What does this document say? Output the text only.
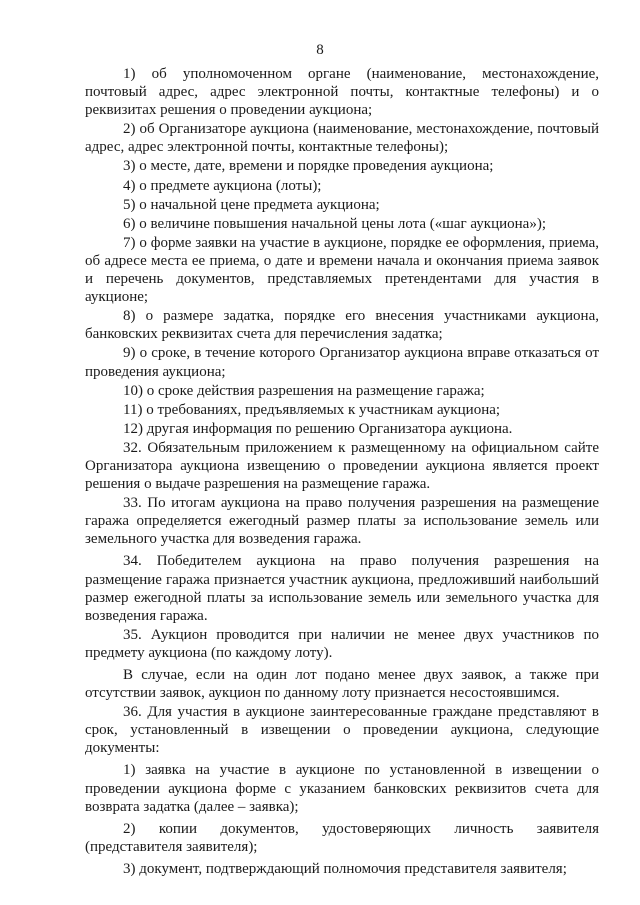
8

1) об уполномоченном органе (наименование, местонахождение, почтовый адрес, адрес электронной почты, контактные телефоны) и о реквизитах решения о проведении аукциона;

2) об Организаторе аукциона (наименование, местонахождение, почтовый адрес, адрес электронной почты, контактные телефоны);

3) о месте, дате, времени и порядке проведения аукциона;

4) о предмете аукциона (лоты);

5) о начальной цене предмета аукциона;

6) о величине повышения начальной цены лота («шаг аукциона»);

7) о форме заявки на участие в аукционе, порядке ее оформления, приема, об адресе места ее приема, о дате и времени начала и окончания приема заявок и перечень документов, представляемых претендентами для участия в аукционе;

8) о размере задатка, порядке его внесения участниками аукциона, банковских реквизитах счета для перечисления задатка;

9) о сроке, в течение которого Организатор аукциона вправе отказаться от проведения аукциона;

10) о сроке действия разрешения на размещение гаража;

11) о требованиях, предъявляемых к участникам аукциона;

12) другая информация по решению Организатора аукциона.

32. Обязательным приложением к размещенному на официальном сайте Организатора аукциона извещению о проведении аукциона является проект решения о выдаче разрешения на размещение гаража.

33. По итогам аукциона на право получения разрешения на размещение гаража определяется ежегодный размер платы за использование земель или земельного участка для возведения гаража.

34. Победителем аукциона на право получения разрешения на размещение гаража признается участник аукциона, предложивший наибольший размер ежегодной платы за использование земель или земельного участка для возведения гаража.

35. Аукцион проводится при наличии не менее двух участников по предмету аукциона (по каждому лоту).

В случае, если на один лот подано менее двух заявок, а также при отсутствии заявок, аукцион по данному лоту признается несостоявшимся.

36. Для участия в аукционе заинтересованные граждане представляют в срок, установленный в извещении о проведении аукциона, следующие документы:

1) заявка на участие в аукционе по установленной в извещении о проведении аукциона форме с указанием банковских реквизитов счета для возврата задатка (далее – заявка);

2) копии документов, удостоверяющих личность заявителя (представителя заявителя);

3) документ, подтверждающий полномочия представителя заявителя;
